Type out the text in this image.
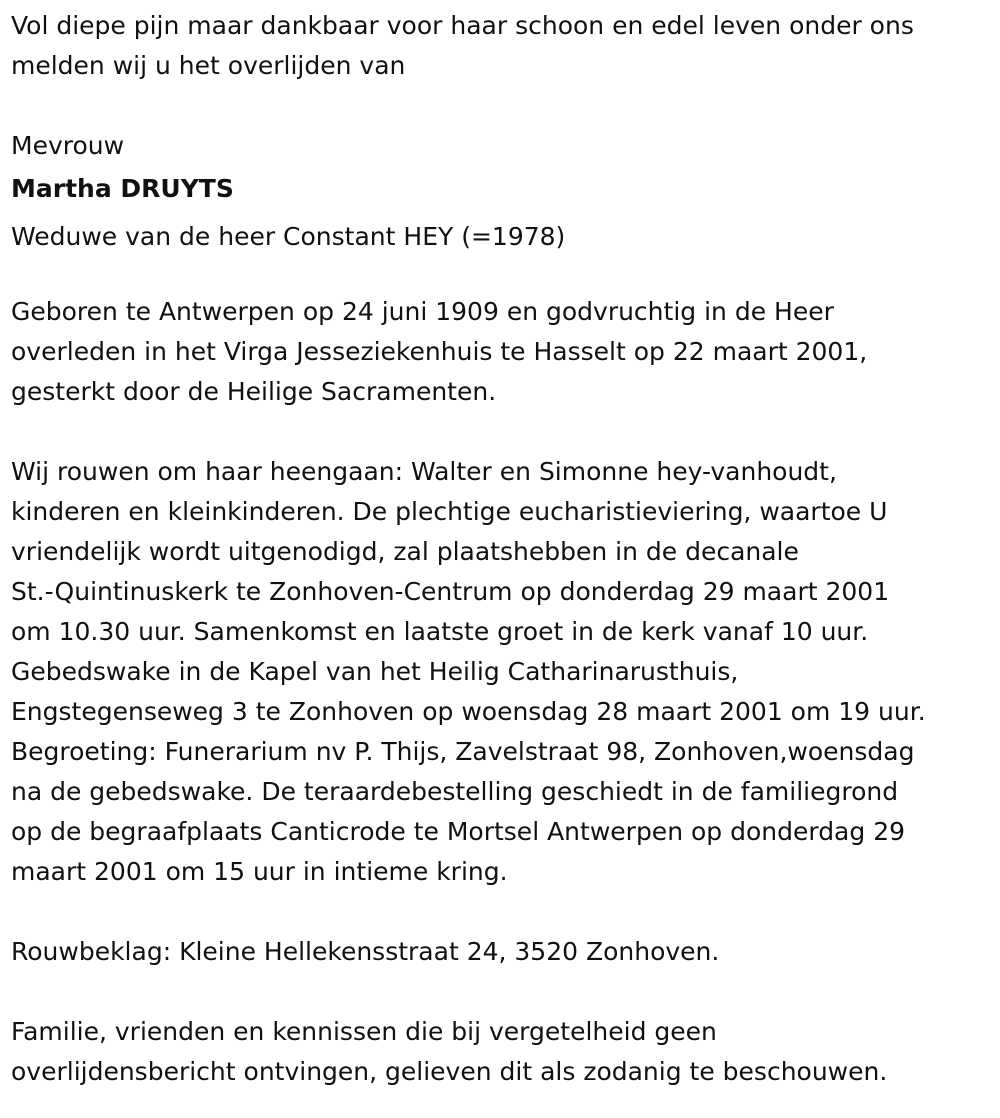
Vol diepe pijn maar dankbaar voor haar schoon en edel leven onder ons
melden wij u het overlijden van

Mevrouw

Martha DRUYTS

Weduwe van de heer Constant HEY (=1978)

Geboren te Antwerpen op 24 juni 1909 en godvruchtig in de Heer
overleden in het Virga Jesseziekenhuis te Hasselt op 22 maart 2001,
gesterkt door de Heilige Sacramenten.

Wij rouwen om haar heengaan: Walter en Simonne hey-vanhoudt,
kinderen en kleinkinderen. De plechtige eucharistieviering, waartoe U
vriendelijk wordt uitgenodigd, zal plaatshebben in de decanale
St.-Quintinuskerk te Zonhoven-Centrum op donderdag 29 maart 2001
om 10.30 uur. Samenkomst en laatste groet in de kerk vanaf 10 uur.
Gebedswake in de Kapel van het Heilig Catharinarusthuis,
Engstegenseweg 3 te Zonhoven op woensdag 28 maart 2001 om 19 uur.
Begroeting: Funerarium nv P. Thijs, Zavelstraat 98, Zonhoven,woensdag
na de gebedswake. De teraardebestelling geschiedt in de familiegrond
op de begraafplaats Canticrode te Mortsel Antwerpen op donderdag 29
maart 2001 om 15 uur in intieme kring.

Rouwbeklag: Kleine Hellekensstraat 24, 3520 Zonhoven.

Familie, vrienden en kennissen die bij vergetelheid geen
overlijdensbericht ontvingen, gelieven dit als zodanig te beschouwen.
